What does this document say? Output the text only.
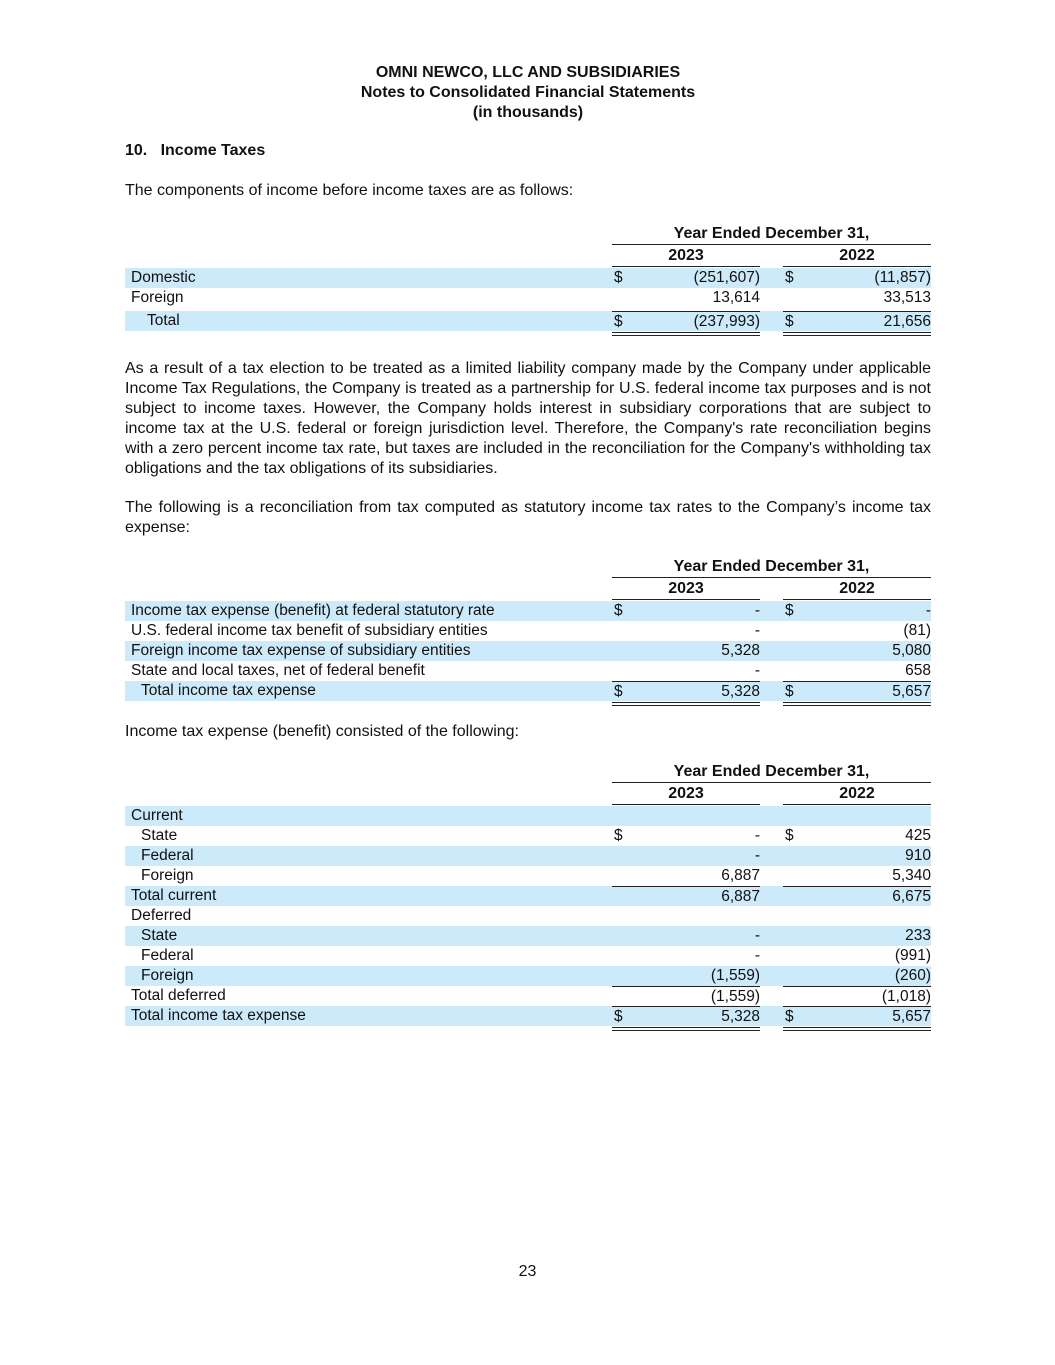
OMNI NEWCO, LLC AND SUBSIDIARIES
Notes to Consolidated Financial Statements
(in thousands)
10.   Income Taxes
The components of income before income taxes are as follows:
Year Ended December 31,
2023	2022
Domestic	$	(251,607) $	(11,857)
Foreign	13,614	33,513
Total	$	(237,993) $	21,656
As a result of a tax election to be treated as a limited liability company made by the Company under applicable Income Tax Regulations, the Company is treated as a partnership for U.S. federal income tax purposes and is not subject to income taxes. However, the Company holds interest in subsidiary corporations that are subject to income tax at the U.S. federal or foreign jurisdiction level. Therefore, the Company's rate reconciliation begins with a zero percent income tax rate, but taxes are included in the reconciliation for the Company's withholding tax obligations and the tax obligations of its subsidiaries.
The following is a reconciliation from tax computed as statutory income tax rates to the Company’s income tax expense:
Year Ended December 31,
2023	2022
Income tax expense (benefit) at federal statutory rate	$	- $	-
U.S. federal income tax benefit of subsidiary entities	-	(81)
Foreign income tax expense of subsidiary entities	5,328	5,080
State and local taxes, net of federal benefit	-	658
Total income tax expense	$	5,328 $	5,657
Income tax expense (benefit) consisted of the following:
Year Ended December 31,
2023	2022
Current
State	$	- $	425
Federal	-	910
Foreign	6,887	5,340
Total current	6,887	6,675
Deferred
State	-	233
Federal	-	(991)
Foreign	(1,559)	(260)
Total deferred	(1,559)	(1,018)
Total income tax expense	$	5,328 $	5,657
23
